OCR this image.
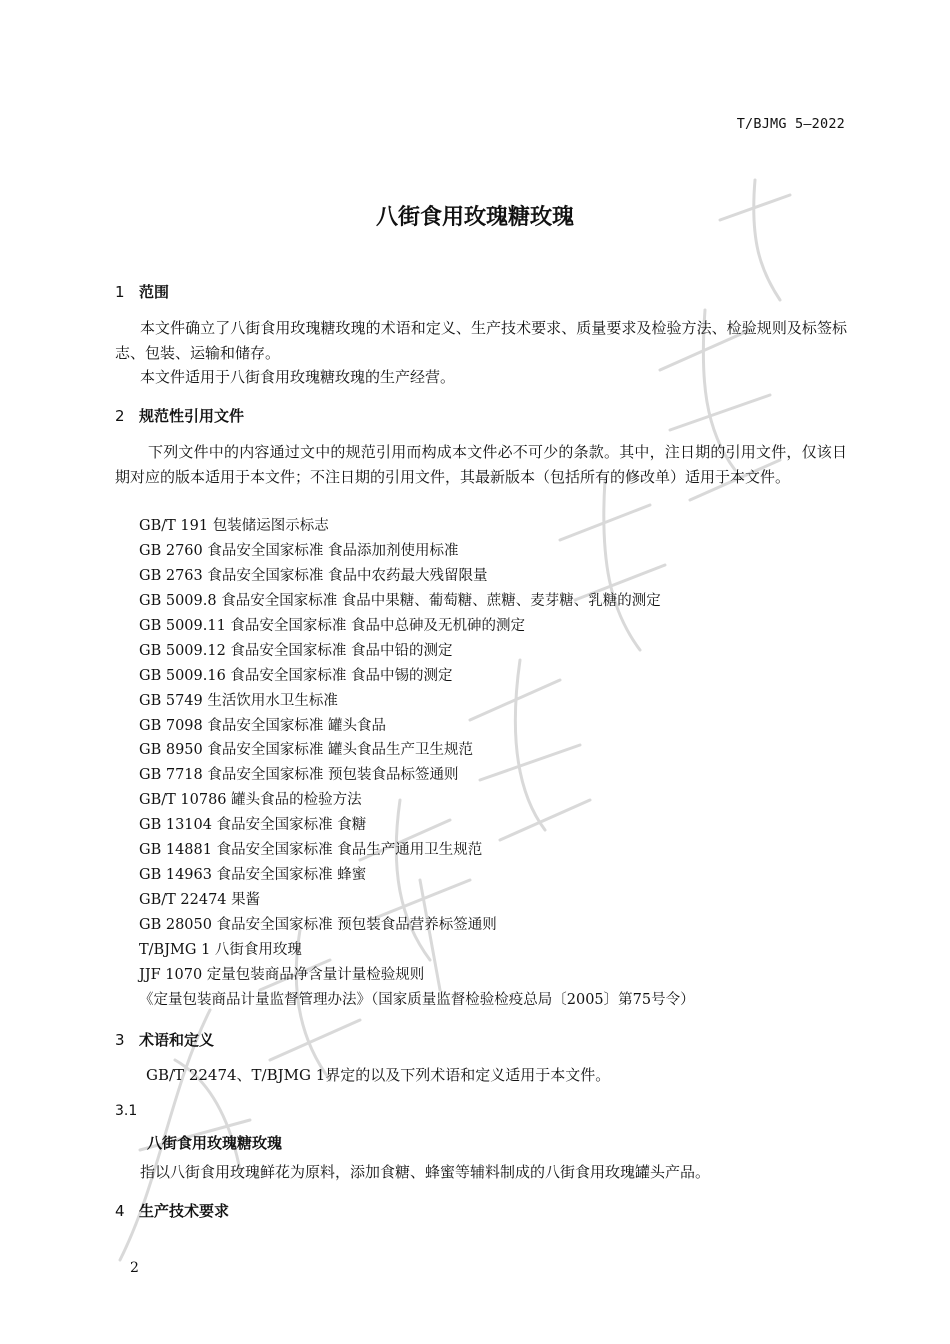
T/BJMG 5—2022
八街食用玫瑰糖玫瑰
1 范围
本文件确立了八街食用玫瑰糖玫瑰的术语和定义、生产技术要求、质量要求及检验方法、检验规则及标签标志、包装、运输和储存。
本文件适用于八街食用玫瑰糖玫瑰的生产经营。
2 规范性引用文件
下列文件中的内容通过文中的规范引用而构成本文件必不可少的条款。其中，注日期的引用文件，仅该日期对应的版本适用于本文件；不注日期的引用文件，其最新版本（包括所有的修改单）适用于本文件。
GB/T 191 包装储运图示标志
GB 2760 食品安全国家标准 食品添加剂使用标准
GB 2763 食品安全国家标准 食品中农药最大残留限量
GB 5009.8 食品安全国家标准 食品中果糖、葡萄糖、蔗糖、麦芽糖、乳糖的测定
GB 5009.11 食品安全国家标准 食品中总砷及无机砷的测定
GB 5009.12 食品安全国家标准 食品中铅的测定
GB 5009.16 食品安全国家标准 食品中锡的测定
GB 5749 生活饮用水卫生标准
GB 7098 食品安全国家标准 罐头食品
GB 8950 食品安全国家标准 罐头食品生产卫生规范
GB 7718 食品安全国家标准 预包装食品标签通则
GB/T 10786 罐头食品的检验方法
GB 13104 食品安全国家标准 食糖
GB 14881 食品安全国家标准 食品生产通用卫生规范
GB 14963 食品安全国家标准 蜂蜜
GB/T 22474 果酱
GB 28050 食品安全国家标准 预包装食品营养标签通则
T/BJMG 1 八街食用玫瑰
JJF 1070 定量包装商品净含量计量检验规则
《定量包装商品计量监督管理办法》（国家质量监督检验检疫总局〔2005〕第75号令）
3 术语和定义
GB/T 22474、T/BJMG 1界定的以及下列术语和定义适用于本文件。
3.1
八街食用玫瑰糖玫瑰
指以八街食用玫瑰鲜花为原料，添加食糖、蜂蜜等辅料制成的八街食用玫瑰罐头产品。
4 生产技术要求
2
